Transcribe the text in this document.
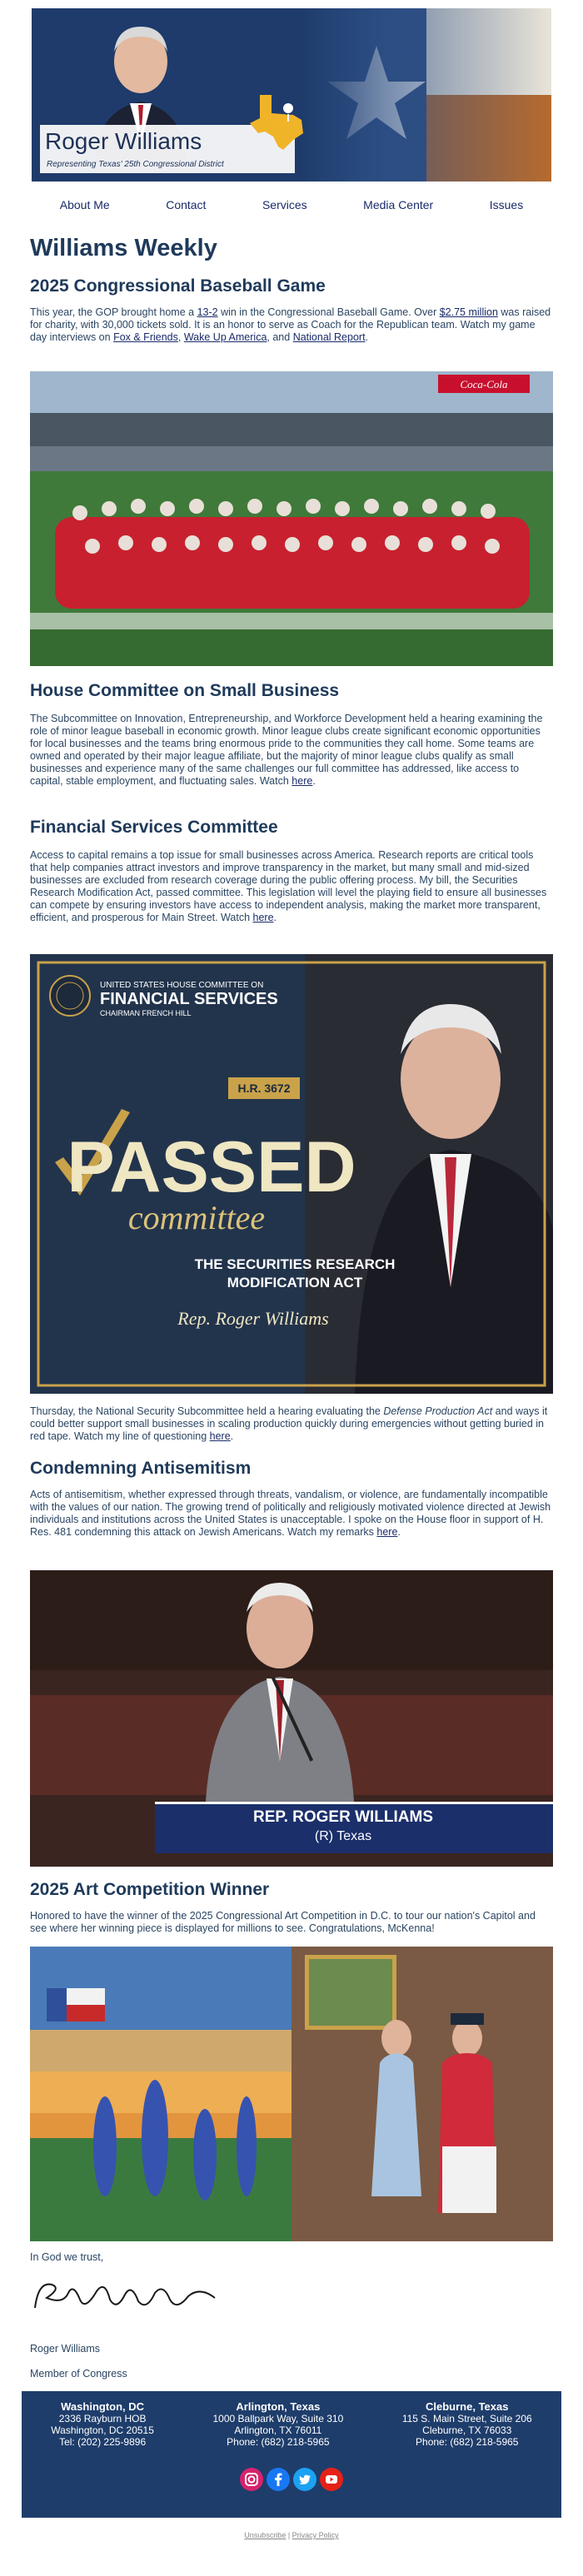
Roger Williams
Representing Texas' 25th Congressional District
About Me	Contact	Services	Media Center	Issues
Williams Weekly
2025 Congressional Baseball Game

This year, the GOP brought home a 13-2 win in the Congressional Baseball Game. Over $2.75 million was raised for charity, with 30,000 tickets sold. It is an honor to serve as Coach for the Republican team. Watch my game day interviews on Fox & Friends, Wake Up America, and National Report.

Coca-Cola
House Committee on Small Business

The Subcommittee on Innovation, Entrepreneurship, and Workforce Development held a hearing examining the role of minor league baseball in economic growth. Minor league clubs create significant economic opportunities for local businesses and the teams bring enormous pride to the communities they call home. Some teams are owned and operated by their major league affiliate, but the majority of minor league clubs qualify as small businesses and experience many of the same challenges our full committee has addressed, like access to capital, stable employment, and fluctuating sales. Watch here.

Financial Services Committee

Access to capital remains a top issue for small businesses across America. Research reports are critical tools that help companies attract investors and improve transparency in the market, but many small and mid-sized businesses are excluded from research coverage during the public offering process. My bill, the Securities Research Modification Act, passed committee. This legislation will level the playing field to ensure all businesses can compete by ensuring investors have access to independent analysis, making the market more transparent, efficient, and prosperous for Main Street. Watch here.

UNITED STATES HOUSE COMMITTEE ON
FINANCIAL SERVICES
CHAIRMAN FRENCH HILL
H.R. 3672
PASSED
committee
THE SECURITIES RESEARCH
MODIFICATION ACT
Rep. Roger Williams

Thursday, the National Security Subcommittee held a hearing evaluating the Defense Production Act and ways it could better support small businesses in scaling production quickly during emergencies without getting buried in red tape. Watch my line of questioning here.

Condemning Antisemitism

Acts of antisemitism, whether expressed through threats, vandalism, or violence, are fundamentally incompatible with the values of our nation. The growing trend of politically and religiously motivated violence directed at Jewish individuals and institutions across the United States is unacceptable. I spoke on the House floor in support of H. Res. 481 condemning this attack on Jewish Americans. Watch my remarks here.

REP. ROGER WILLIAMS
(R) Texas
2025 Art Competition Winner

Honored to have the winner of the 2025 Congressional Art Competition in D.C. to tour our nation's Capitol and see where her winning piece is displayed for millions to see. Congratulations, McKenna!

In God we trust,

Roger Williams

Roger Williams

Member of Congress

Washington, DC
2336 Rayburn HOB
Washington, DC 20515
Tel: (202) 225-9896
Arlington, Texas
1000 Ballpark Way, Suite 310
Arlington, TX 76011
Phone: (682) 218-5965
Cleburne, Texas
115 S. Main Street, Suite 206
Cleburne, TX 76033
Phone: (682) 218-5965
Unsubscribe | Privacy Policy
